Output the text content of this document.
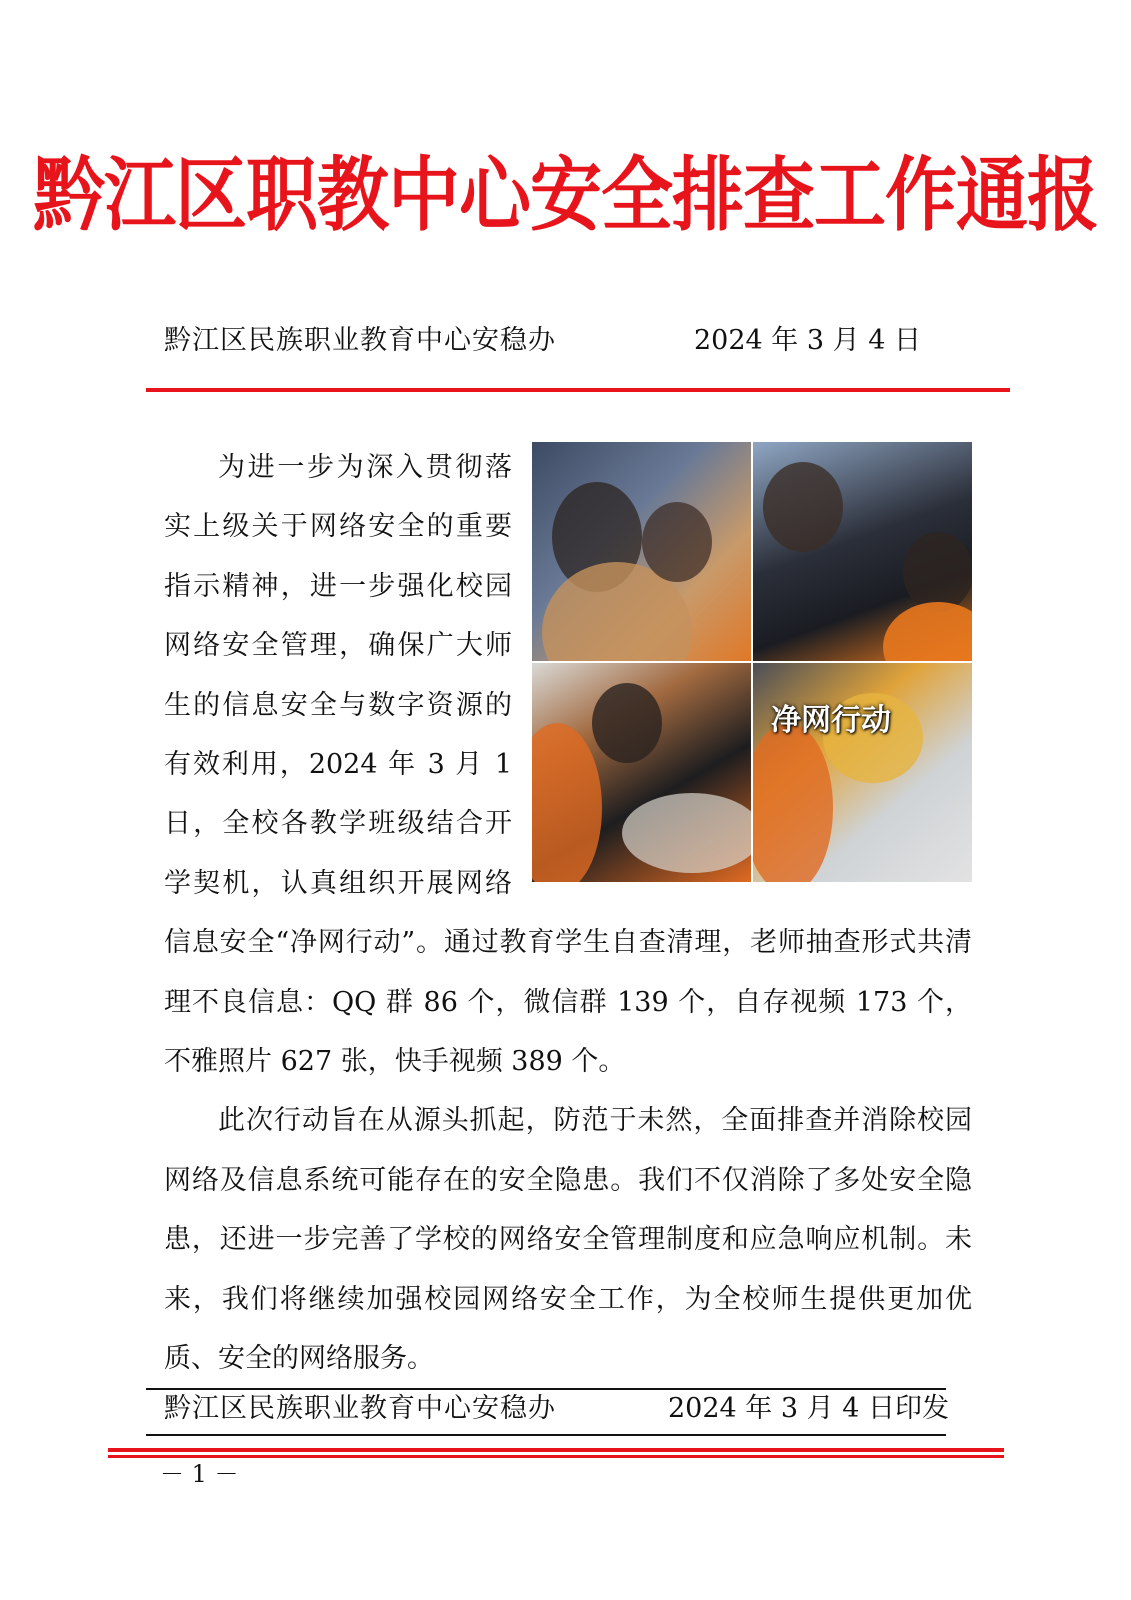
黔江区职教中心安全排查工作通报
黔江区民族职业教育中心安稳办	2024 年 3 月 4 日
净网行动

为进一步为深入贯彻落实上级关于网络安全的重要指示精神，进一步强化校园网络安全管理，确保广大师生的信息安全与数字资源的有效利用，2024 年 3 月 1 日，全校各教学班级结合开学契机，认真组织开展网络信息安全“净网行动”。通过教育学生自查清理，老师抽查形式共清理不良信息：QQ 群 86 个，微信群 139 个，自存视频 173 个，不雅照片 627 张，快手视频 389 个。

此次行动旨在从源头抓起，防范于未然，全面排查并消除校园网络及信息系统可能存在的安全隐患。我们不仅消除了多处安全隐患，还进一步完善了学校的网络安全管理制度和应急响应机制。未来，我们将继续加强校园网络安全工作，为全校师生提供更加优质、安全的网络服务。

黔江区民族职业教育中心安稳办	2024 年 3 月 4 日印发
－ 1 －
